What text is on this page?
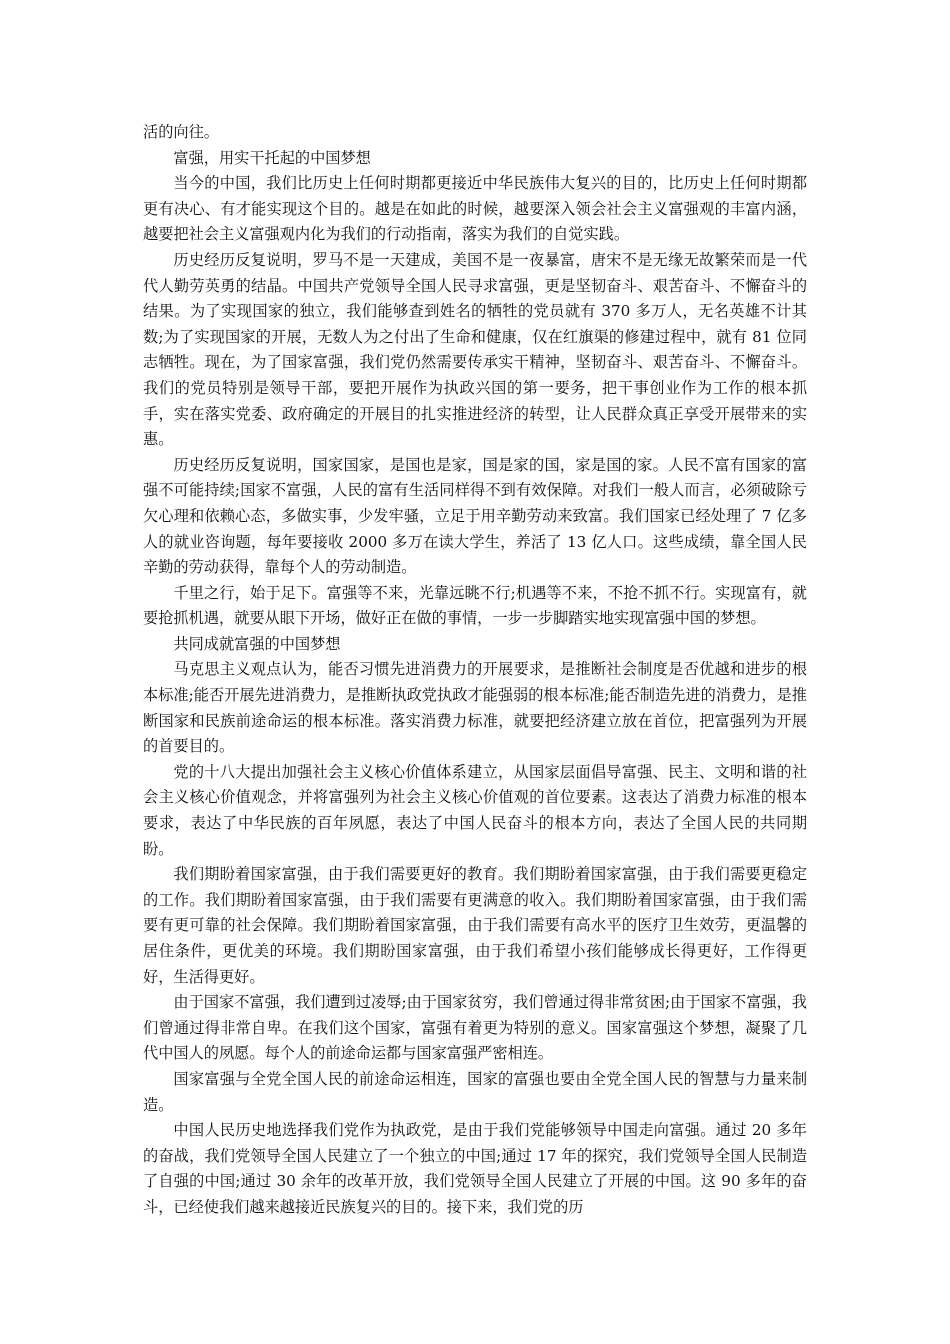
活的向往。

富强，用实干托起的中国梦想

当今的中国，我们比历史上任何时期都更接近中华民族伟大复兴的目的，比历史上任何时期都更有决心、有才能实现这个目的。越是在如此的时候，越要深入领会社会主义富强观的丰富内涵，越要把社会主义富强观内化为我们的行动指南，落实为我们的自觉实践。

历史经历反复说明，罗马不是一天建成，美国不是一夜暴富，唐宋不是无缘无故繁荣而是一代代人勤劳英勇的结晶。中国共产党领导全国人民寻求富强，更是坚韧奋斗、艰苦奋斗、不懈奋斗的结果。为了实现国家的独立，我们能够查到姓名的牺牲的党员就有 370 多万人，无名英雄不计其数;为了实现国家的开展，无数人为之付出了生命和健康，仅在红旗渠的修建过程中，就有 81 位同志牺牲。现在，为了国家富强，我们党仍然需要传承实干精神，坚韧奋斗、艰苦奋斗、不懈奋斗。我们的党员特别是领导干部，要把开展作为执政兴国的第一要务，把干事创业作为工作的根本抓手，实在落实党委、政府确定的开展目的扎实推进经济的转型，让人民群众真正享受开展带来的实惠。

历史经历反复说明，国家国家，是国也是家，国是家的国，家是国的家。人民不富有国家的富强不可能持续;国家不富强，人民的富有生活同样得不到有效保障。对我们一般人而言，必须破除亏欠心理和依赖心态，多做实事，少发牢骚，立足于用辛勤劳动来致富。我们国家已经处理了 7 亿多人的就业咨询题，每年要接收 2000 多万在读大学生，养活了 13 亿人口。这些成绩，靠全国人民辛勤的劳动获得，靠每个人的劳动制造。

千里之行，始于足下。富强等不来，光靠远眺不行;机遇等不来，不抢不抓不行。实现富有，就要抢抓机遇，就要从眼下开场，做好正在做的事情，一步一步脚踏实地实现富强中国的梦想。

共同成就富强的中国梦想

马克思主义观点认为，能否习惯先进消费力的开展要求，是推断社会制度是否优越和进步的根本标准;能否开展先进消费力，是推断执政党执政才能强弱的根本标准;能否制造先进的消费力，是推断国家和民族前途命运的根本标准。落实消费力标准，就要把经济建立放在首位，把富强列为开展的首要目的。

党的十八大提出加强社会主义核心价值体系建立，从国家层面倡导富强、民主、文明和谐的社会主义核心价值观念，并将富强列为社会主义核心价值观的首位要素。这表达了消费力标准的根本要求，表达了中华民族的百年夙愿，表达了中国人民奋斗的根本方向，表达了全国人民的共同期盼。

我们期盼着国家富强，由于我们需要更好的教育。我们期盼着国家富强，由于我们需要更稳定的工作。我们期盼着国家富强，由于我们需要有更满意的收入。我们期盼着国家富强，由于我们需要有更可靠的社会保障。我们期盼着国家富强，由于我们需要有高水平的医疗卫生效劳，更温馨的居住条件，更优美的环境。我们期盼国家富强，由于我们希望小孩们能够成长得更好，工作得更好，生活得更好。

由于国家不富强，我们遭到过凌辱;由于国家贫穷，我们曾通过得非常贫困;由于国家不富强，我们曾通过得非常自卑。在我们这个国家，富强有着更为特别的意义。国家富强这个梦想，凝聚了几代中国人的夙愿。每个人的前途命运都与国家富强严密相连。

国家富强与全党全国人民的前途命运相连，国家的富强也要由全党全国人民的智慧与力量来制造。

中国人民历史地选择我们党作为执政党，是由于我们党能够领导中国走向富强。通过 20 多年的奋战，我们党领导全国人民建立了一个独立的中国;通过 17 年的探究，我们党领导全国人民制造了自强的中国;通过 30 余年的改革开放，我们党领导全国人民建立了开展的中国。这 90 多年的奋斗，已经使我们越来越接近民族复兴的目的。接下来，我们党的历
